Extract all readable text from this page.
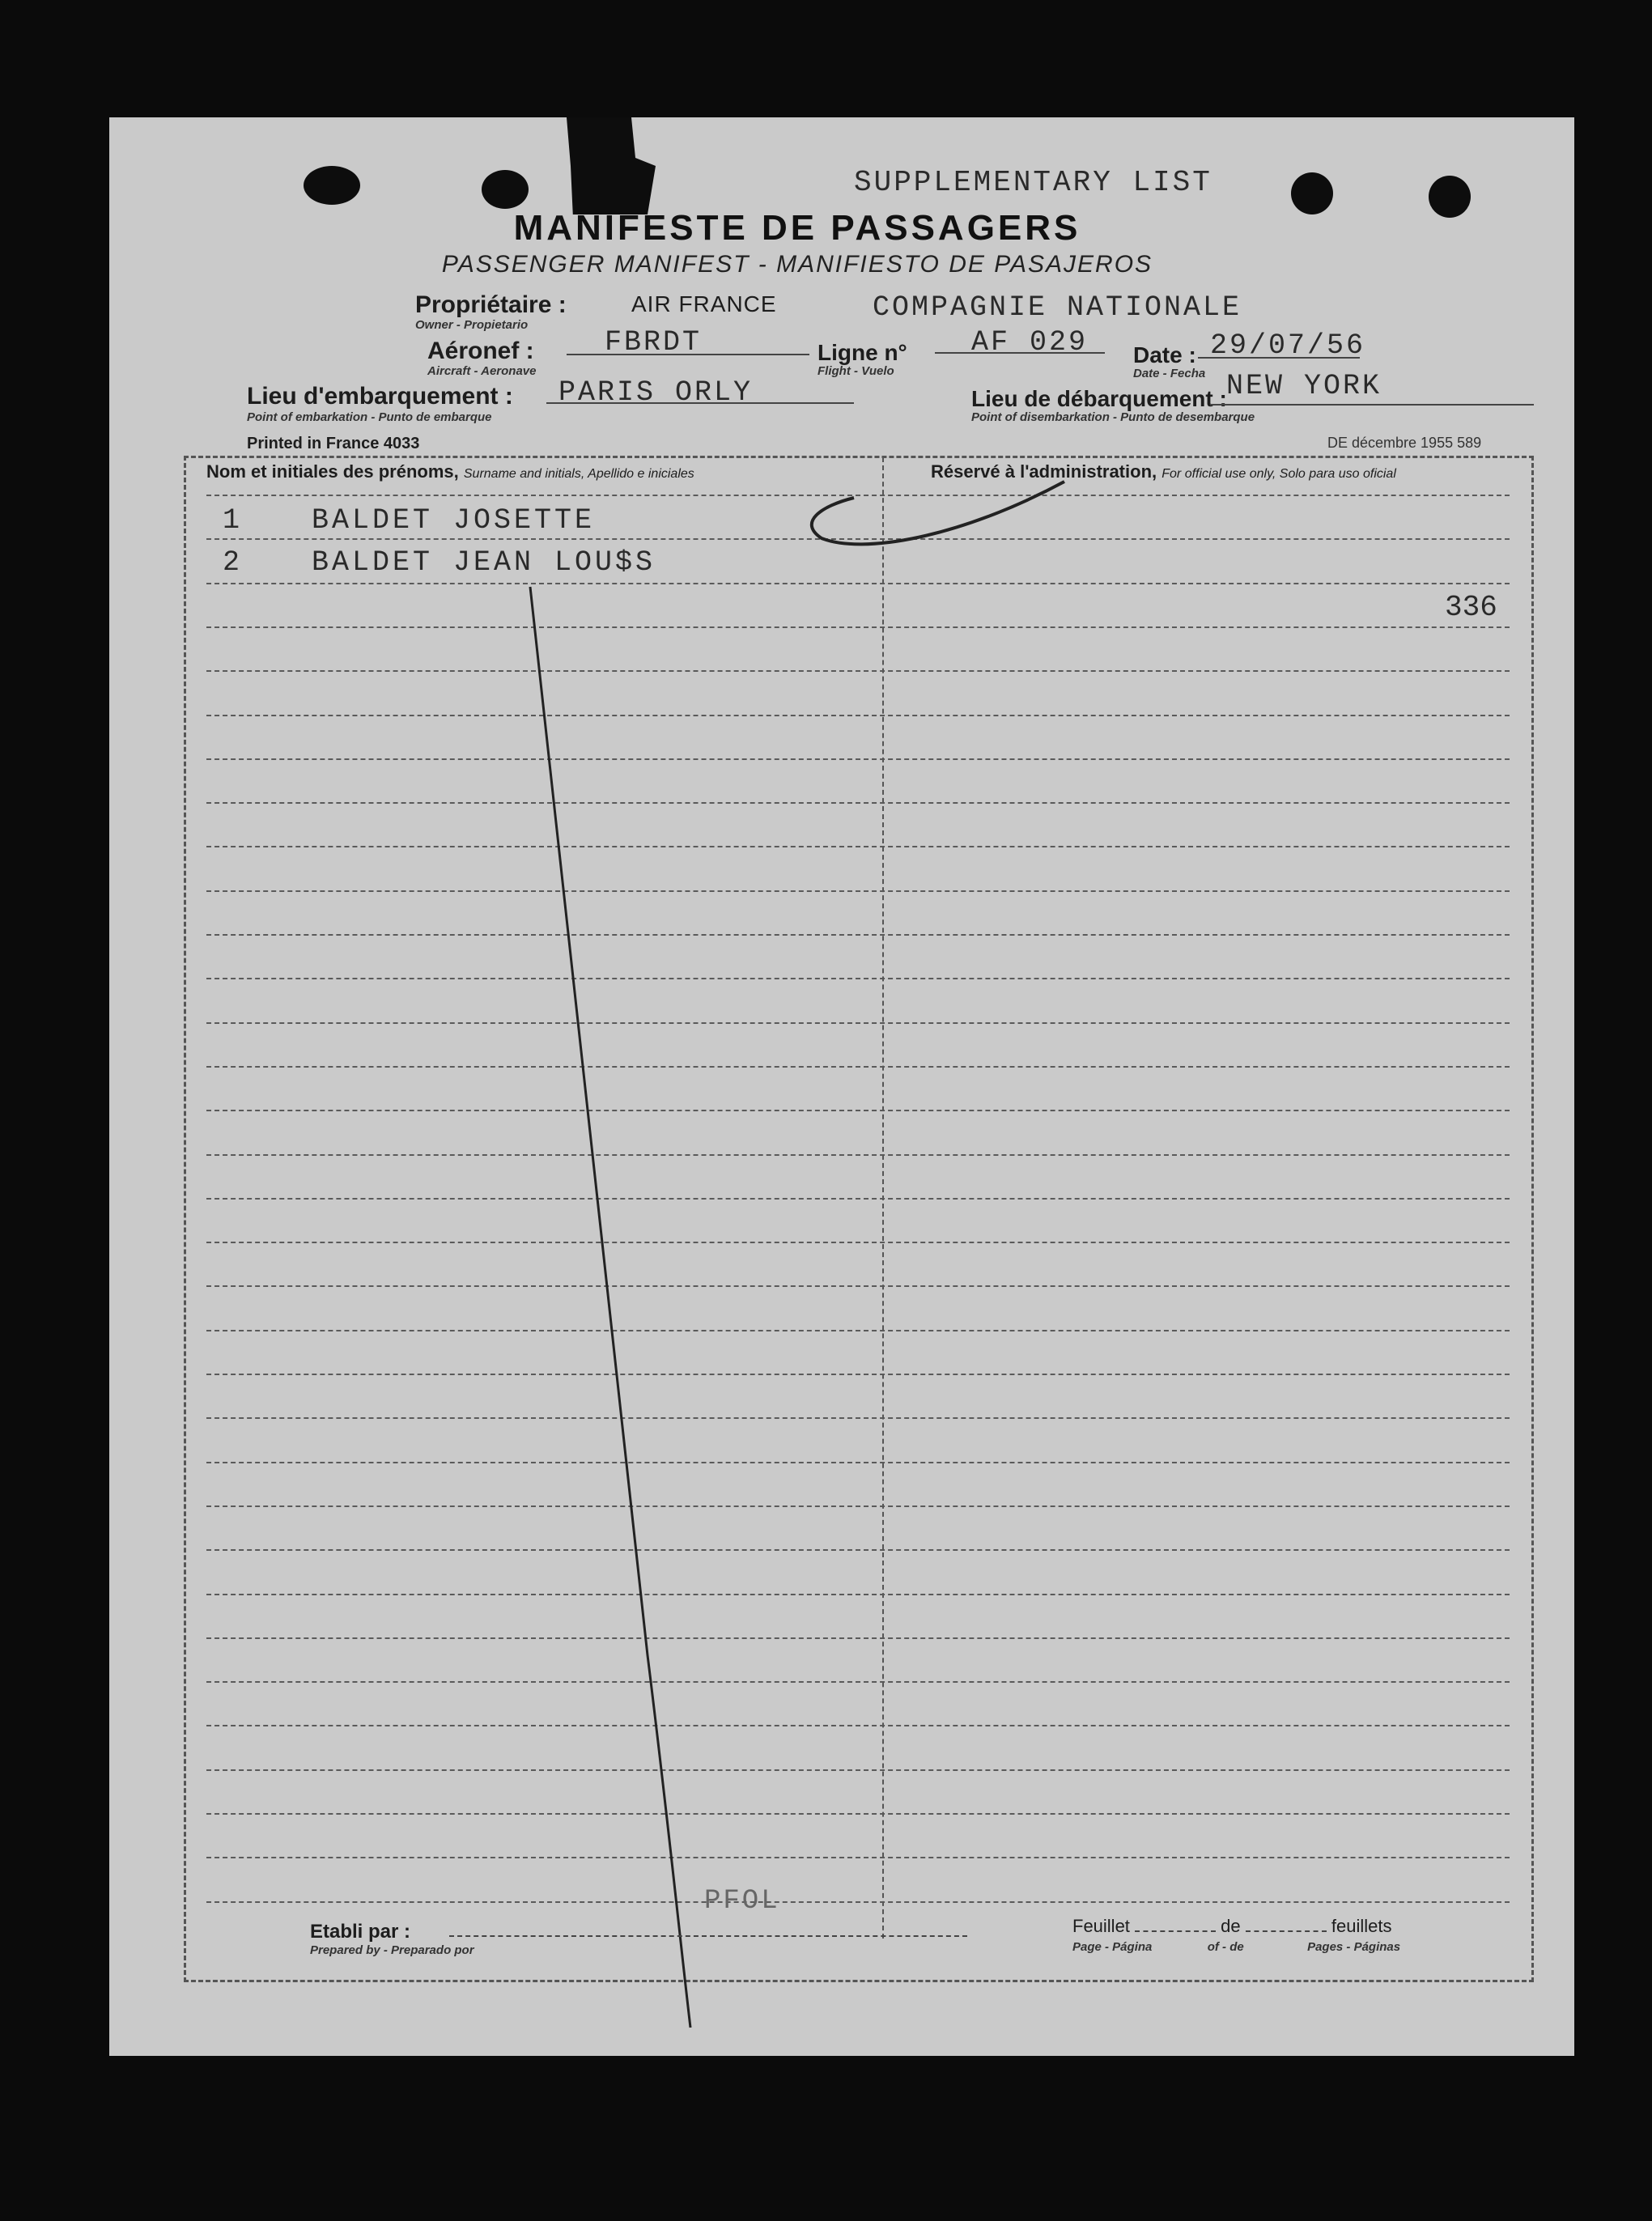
SUPPLEMENTARY LIST
MANIFESTE DE PASSAGERS
PASSENGER MANIFEST - MANIFIESTO DE PASAJEROS
Propriétaire :	AIR FRANCE
Owner - Propietario
COMPAGNIE NATIONALE
Aéronef :
Aircraft - Aeronave
FBRDT	Ligne n°
Flight - Vuelo
AF 029 Date :
Date - Fecha
29/07/56
Lieu d'embarquement :
Point of embarkation - Punto de embarque
PARIS ORLY	Lieu de débarquement :
Point of disembarkation - Punto de desembarque
NEW YORK
Printed in France 4033	DE décembre 1955 589
Nom et initiales des prénoms, Surname and initials, Apellido e iniciales	Réservé à l'administration, For official use only, Solo para uso oficial
1 BALDET JOSETTE
2 BALDET JEAN LOU$S
336
PFOL
Etabli par :
Prepared by - Preparado por
Feuillet	de	feuillets
Page - Página	of - de	Pages - Páginas
